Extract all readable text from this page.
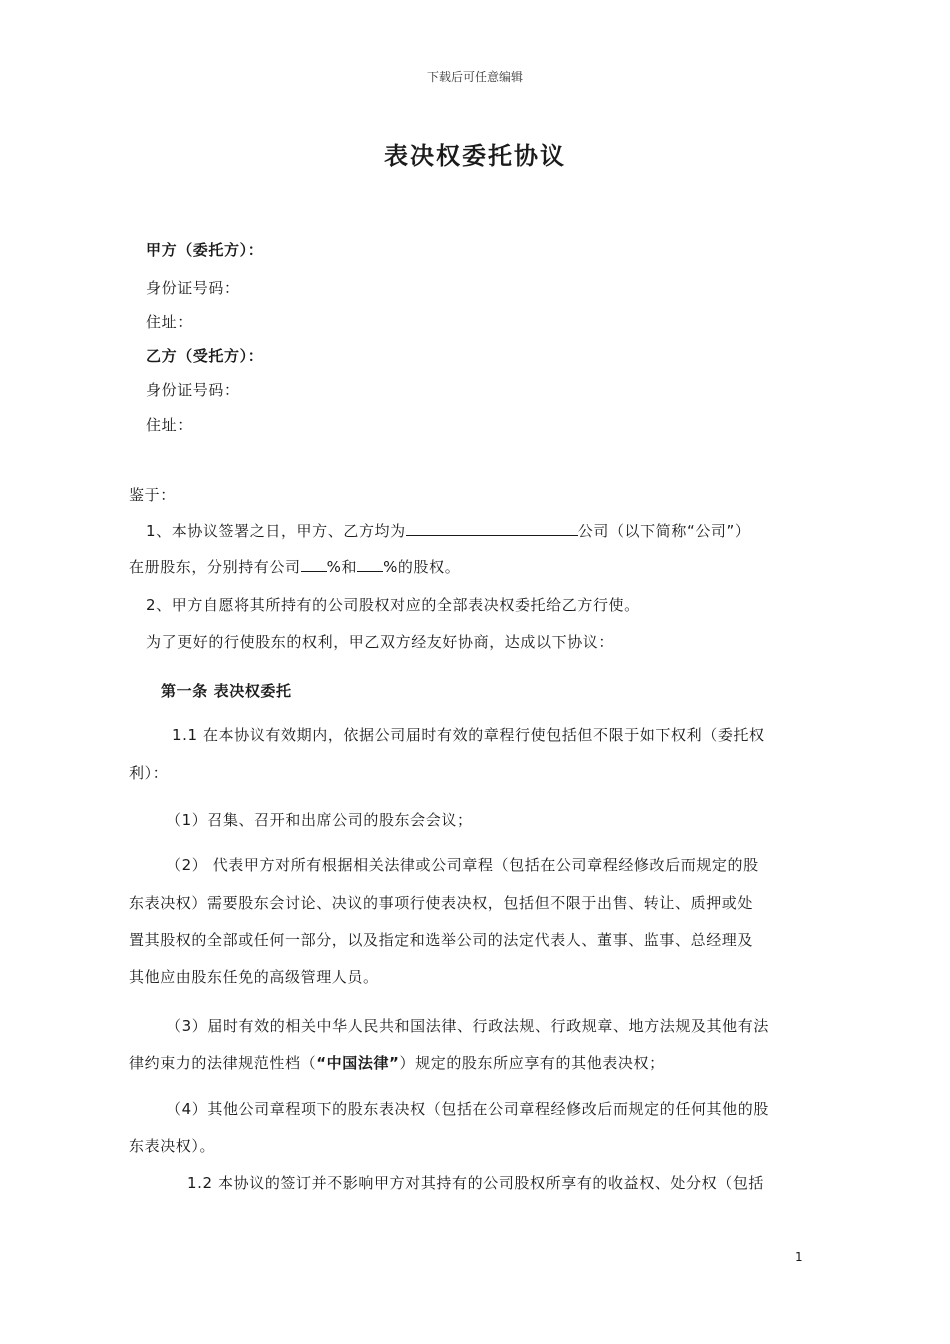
下载后可任意编辑
表决权委托协议
甲方（委托方）：
身份证号码：
住址：
乙方（受托方）：
身份证号码：
住址：
鉴于：
1、本协议签署之日，甲方、乙方均为	公司（以下简称“公司”）
在册股东，分别持有公司 %和 %的股权。
2、甲方自愿将其所持有的公司股权对应的全部表决权委托给乙方行使。
为了更好的行使股东的权利，甲乙双方经友好协商，达成以下协议：
第一条 表决权委托
1.1 在本协议有效期内，依据公司届时有效的章程行使包括但不限于如下权利（委托权
利）：
（1）召集、召开和出席公司的股东会会议；
（2） 代表甲方对所有根据相关法律或公司章程（包括在公司章程经修改后而规定的股
东表决权）需要股东会讨论、决议的事项行使表决权，包括但不限于出售、转让、质押或处
置其股权的全部或任何一部分，以及指定和选举公司的法定代表人、董事、监事、总经理及
其他应由股东任免的高级管理人员。
（3）届时有效的相关中华人民共和国法律、行政法规、行政规章、地方法规及其他有法
律约束力的法律规范性档（“中国法律”）规定的股东所应享有的其他表决权；
（4）其他公司章程项下的股东表决权（包括在公司章程经修改后而规定的任何其他的股
东表决权）。
1.2 本协议的签订并不影响甲方对其持有的公司股权所享有的收益权、处分权（包括
1
